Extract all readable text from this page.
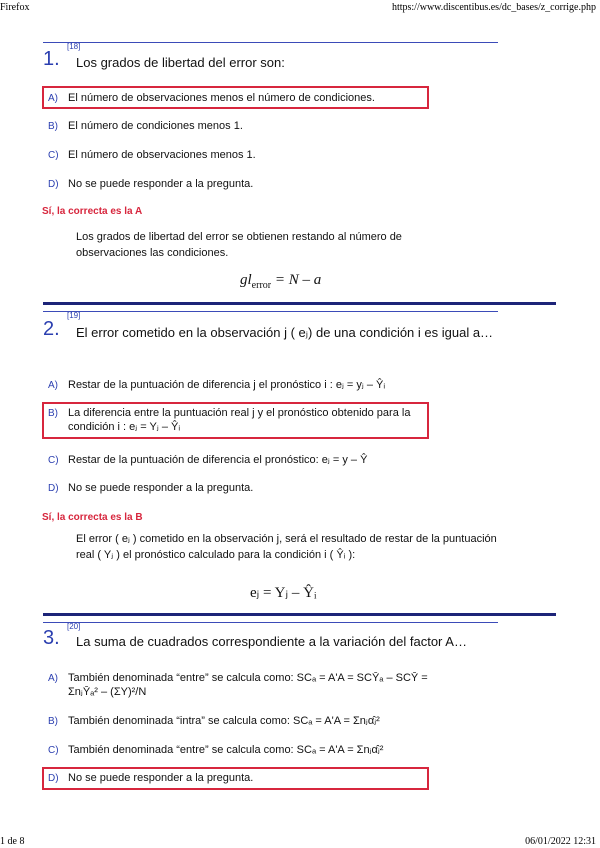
Firefox	https://www.discentibus.es/dc_bases/z_corrige.php
1 de 8	06/01/2022 12:31
[18]
1. Los grados de libertad del error son:
A) El número de observaciones menos el número de condiciones.
B) El número de condiciones menos 1.
C) El número de observaciones menos 1.
D) No se puede responder a la pregunta.
Sí, la correcta es la A
Los grados de libertad del error se obtienen restando al número de observaciones las condiciones.
$gl_{error} = N - a$
[19]
2. El error cometido en la observación j ( eⱼ) de una condición i es igual a…
A) Restar de la puntuación de diferencia j el pronóstico i : eⱼ = yⱼ – Ŷᵢ
B) La diferencia entre la puntuación real j y el pronóstico obtenido para la condición i : eⱼ = Yⱼ – Ŷᵢ
C) Restar de la puntuación de diferencia el pronóstico: eⱼ = y – Ŷ
D) No se puede responder a la pregunta.
Sí, la correcta es la B
El error ( eⱼ ) cometido en la observación j, será el resultado de restar de la puntuación real ( Yⱼ ) el pronóstico calculado para la condición i ( Ŷᵢ ):
eⱼ = Yⱼ – Ŷᵢ
[20]
3. La suma de cuadrados correspondiente a la variación del factor A…
A) También denominada “entre” se calcula como: SCₐ = A'A = SCȲₐ – SCȲ = ΣnⱼȲₐ² – (ΣY)²/N
B) También denominada “intra” se calcula como: SCₐ = A'A = Σnⱼα̂ⱼ²
C) También denominada “entre” se calcula como: SCₐ = A'A = Σnⱼα̂ⱼ²
D) No se puede responder a la pregunta.
